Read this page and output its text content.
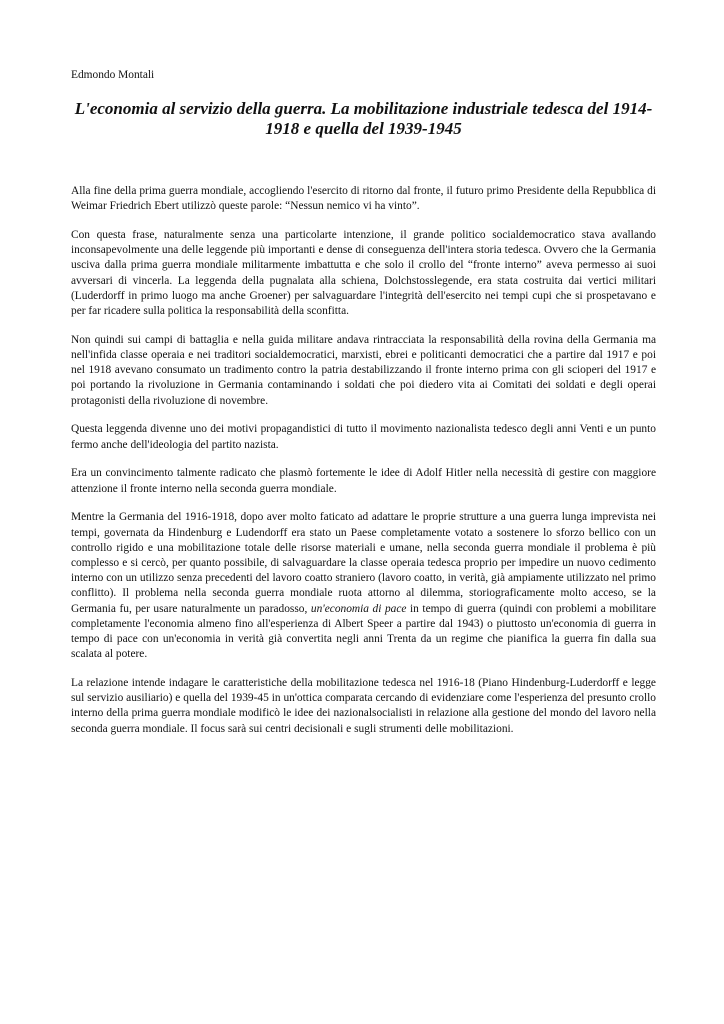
Edmondo Montali
L'economia al servizio della guerra. La mobilitazione industriale tedesca del 1914-1918 e quella del 1939-1945

Alla fine della prima guerra mondiale, accogliendo l'esercito di ritorno dal fronte, il futuro primo Presidente della Repubblica di Weimar Friedrich Ebert utilizzò queste parole: “Nessun nemico vi ha vinto”.

Con questa frase, naturalmente senza una particolarte intenzione, il grande politico socialdemocratico stava avallando inconsapevolmente una delle leggende più importanti e dense di conseguenza dell'intera storia tedesca. Ovvero che la Germania usciva dalla prima guerra mondiale militarmente imbattutta e che solo il crollo del “fronte interno” aveva permesso ai suoi avversari di vincerla. La leggenda della pugnalata alla schiena, Dolchstosslegende, era stata costruita dai vertici militari (Luderdorff in primo luogo ma anche Groener) per salvaguardare l'integrità dell'esercito nei tempi cupi che si prospetavano e per far ricadere sulla politica la responsabilità della sconfitta.

Non quindi sui campi di battaglia e nella guida militare andava rintracciata la responsabilità della rovina della Germania ma nell'infida classe operaia e nei traditori socialdemocratici, marxisti, ebrei e politicanti democratici che a partire dal 1917 e poi nel 1918 avevano consumato un tradimento contro la patria destabilizzando il fronte interno prima con gli scioperi del 1917 e poi portando la rivoluzione in Germania contaminando i soldati che poi diedero vita ai Comitati dei soldati e degli operai protagonisti della rivoluzione di novembre.

Questa leggenda divenne uno dei motivi propagandistici di tutto il movimento nazionalista tedesco degli anni Venti e un punto fermo anche dell'ideologia del partito nazista.

Era un convincimento talmente radicato che plasmò fortemente le idee di Adolf Hitler nella necessità di gestire con maggiore attenzione il fronte interno nella seconda guerra mondiale.

Mentre la Germania del 1916-1918, dopo aver molto faticato ad adattare le proprie strutture a una guerra lunga imprevista nei tempi, governata da Hindenburg e Ludendorff era stato un Paese completamente votato a sostenere lo sforzo bellico con un controllo rigido e una mobilitazione totale delle risorse materiali e umane, nella seconda guerra mondiale il problema è più complesso e si cercò, per quanto possibile, di salvaguardare la classe operaia tedesca proprio per impedire un nuovo cedimento interno con un utilizzo senza precedenti del lavoro coatto straniero (lavoro coatto, in verità, già ampiamente utilizzato nel primo conflitto). Il problema nella seconda guerra mondiale ruota attorno al dilemma, storiograficamente molto acceso, se la Germania fu, per usare naturalmente un paradosso, un'economia di pace in tempo di guerra (quindi con problemi a mobilitare completamente l'economia almeno fino all'esperienza di Albert Speer a partire dal 1943) o piuttosto un'economia di guerra in tempo di pace con un'economia in verità già convertita negli anni Trenta da un regime che pianifica la guerra fin dalla sua scalata al potere.

La relazione intende indagare le caratteristiche della mobilitazione tedesca nel 1916-18 (Piano Hindenburg-Luderdorff e legge sul servizio ausiliario) e quella del 1939-45 in un'ottica comparata cercando di evidenziare come l'esperienza del presunto crollo interno della prima guerra mondiale modificò le idee dei nazionalsocialisti in relazione alla gestione del mondo del lavoro nella seconda guerra mondiale. Il focus sarà sui centri decisionali e sugli strumenti delle mobilitazioni.
